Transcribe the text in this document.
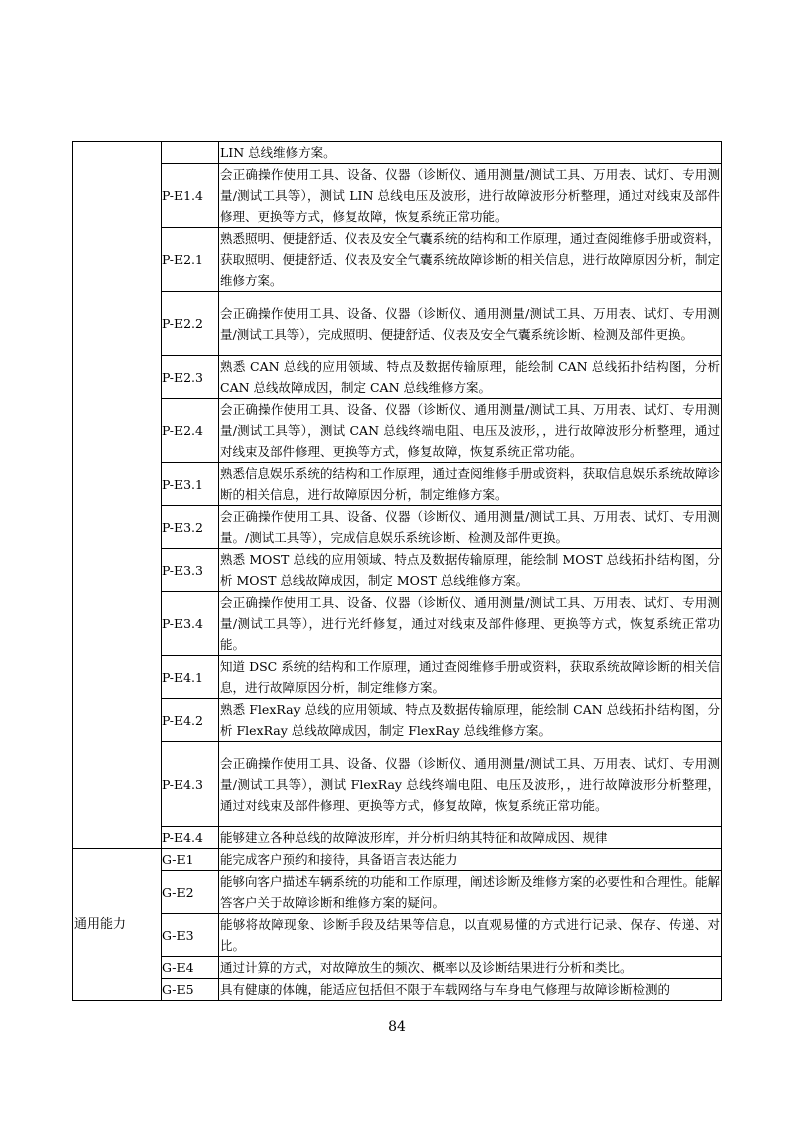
		LIN 总线维修方案。
	P-E1.4	会正确操作使用工具、设备、仪器（诊断仪、通用测量/测试工具、万用表、试灯、专用测量/测试工具等），测试 LIN 总线电压及波形，进行故障波形分析整理，通过对线束及部件修理、更换等方式，修复故障，恢复系统正常功能。
	P-E2.1	熟悉照明、便捷舒适、仪表及安全气囊系统的结构和工作原理，通过查阅维修手册或资料，获取照明、便捷舒适、仪表及安全气囊系统故障诊断的相关信息，进行故障原因分析，制定维修方案。
	P-E2.2	会正确操作使用工具、设备、仪器（诊断仪、通用测量/测试工具、万用表、试灯、专用测量/测试工具等），完成照明、便捷舒适、仪表及安全气囊系统诊断、检测及部件更换。
	P-E2.3	熟悉 CAN 总线的应用领域、特点及数据传输原理，能绘制 CAN 总线拓扑结构图，分析 CAN 总线故障成因，制定 CAN 总线维修方案。
	P-E2.4	会正确操作使用工具、设备、仪器（诊断仪、通用测量/测试工具、万用表、试灯、专用测量/测试工具等），测试 CAN 总线终端电阻、电压及波形，，进行故障波形分析整理，通过对线束及部件修理、更换等方式，修复故障，恢复系统正常功能。
	P-E3.1	熟悉信息娱乐系统的结构和工作原理，通过查阅维修手册或资料，获取信息娱乐系统故障诊断的相关信息，进行故障原因分析，制定维修方案。
	P-E3.2	会正确操作使用工具、设备、仪器（诊断仪、通用测量/测试工具、万用表、试灯、专用测量。/测试工具等），完成信息娱乐系统诊断、检测及部件更换。
	P-E3.3	熟悉 MOST 总线的应用领域、特点及数据传输原理，能绘制 MOST 总线拓扑结构图，分析 MOST 总线故障成因，制定 MOST 总线维修方案。
	P-E3.4	会正确操作使用工具、设备、仪器（诊断仪、通用测量/测试工具、万用表、试灯、专用测量/测试工具等），进行光纤修复，通过对线束及部件修理、更换等方式，恢复系统正常功能。
	P-E4.1	知道 DSC 系统的结构和工作原理，通过查阅维修手册或资料，获取系统故障诊断的相关信息，进行故障原因分析，制定维修方案。
	P-E4.2	熟悉 FlexRay 总线的应用领域、特点及数据传输原理，能绘制 CAN 总线拓扑结构图，分析 FlexRay 总线故障成因，制定 FlexRay 总线维修方案。
	P-E4.3	会正确操作使用工具、设备、仪器（诊断仪、通用测量/测试工具、万用表、试灯、专用测量/测试工具等），测试 FlexRay 总线终端电阻、电压及波形，，进行故障波形分析整理，通过对线束及部件修理、更换等方式，修复故障，恢复系统正常功能。
	P-E4.4	能够建立各种总线的故障波形库，并分析归纳其特征和故障成因、规律
通用能力	G-E1	能完成客户预约和接待，具备语言表达能力
	G-E2	能够向客户描述车辆系统的功能和工作原理，阐述诊断及维修方案的必要性和合理性。能解答客户关于故障诊断和维修方案的疑问。
	G-E3	能够将故障现象、诊断手段及结果等信息，以直观易懂的方式进行记录、保存、传递、对比。
	G-E4	通过计算的方式，对故障放生的频次、概率以及诊断结果进行分析和类比。
	G-E5	具有健康的体魄，能适应包括但不限于车载网络与车身电气修理与故障诊断检测的
84
